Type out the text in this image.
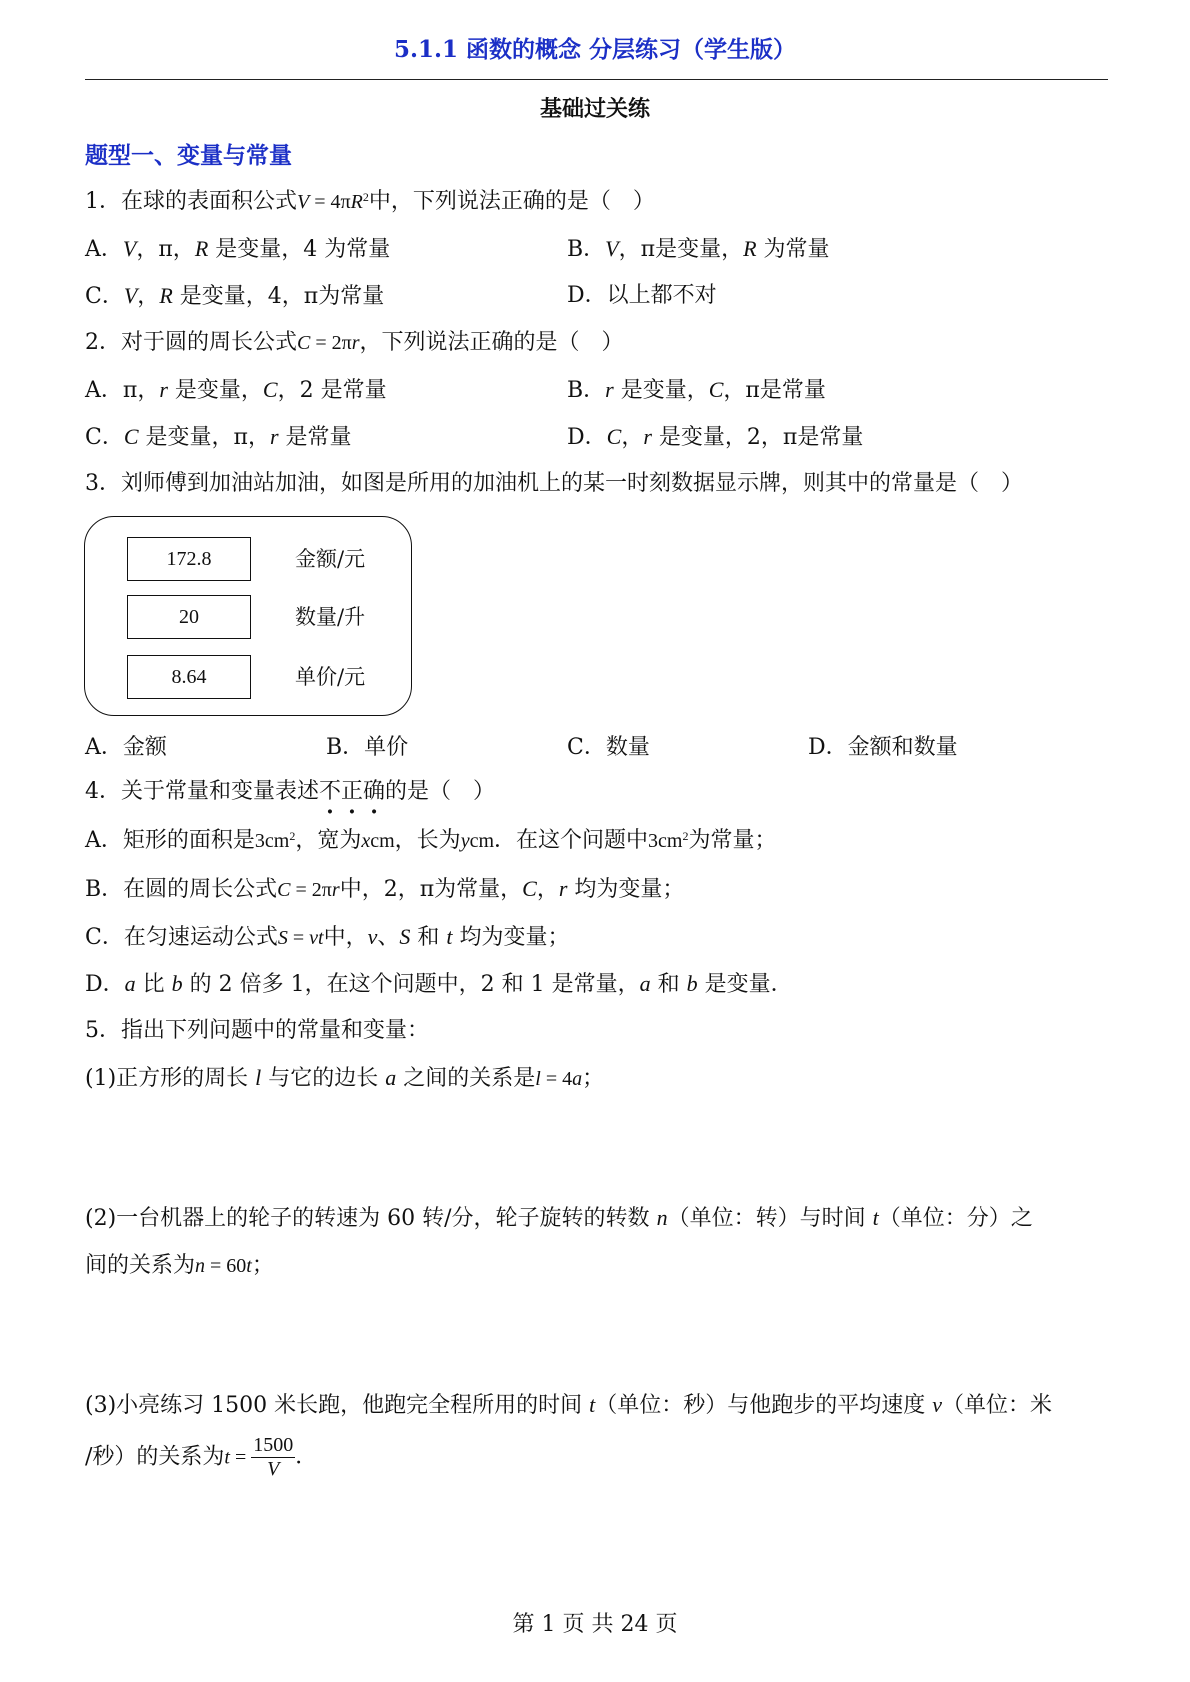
5.1.1 函数的概念 分层练习（学生版）
基础过关练
题型一、变量与常量
1．在球的表面积公式$V = 4\pi R^2$中，下列说法正确的是（　）
A．V，π，R 是变量，4 为常量	B．V，π是变量，R 为常量
C．V，R 是变量，4，π为常量	D．以上都不对
2．对于圆的周长公式C = 2πr，下列说法正确的是（　）
A．π，r 是变量，C，2 是常量	B．r 是变量，C，π是常量
C．C 是变量，π，r 是常量	D．C，r 是变量，2，π是常量
3．刘师傅到加油站加油，如图是所用的加油机上的某一时刻数据显示牌，则其中的常量是（　）
172.8	金额/元
20	数量/升
8.64	单价/元
A．金额	B．单价	C．数量	D．金额和数量
4．关于常量和变量表述不正确的是（　）
A．矩形的面积是$3cm^2$，宽为xcm，长为ycm．在这个问题中$3cm^2$为常量；
B．在圆的周长公式C = 2πr中，2，π为常量，C，r 均为变量；
C．在匀速运动公式S = vt中，v、S 和 t 均为变量；
D．a 比 b 的 2 倍多 1，在这个问题中，2 和 1 是常量，a 和 b 是变量．
5．指出下列问题中的常量和变量：
(1)正方形的周长 l 与它的边长 a 之间的关系是l = 4a；
(2)一台机器上的轮子的转速为 60 转/分，轮子旋转的转数 n（单位：转）与时间 t（单位：分）之
间的关系为n = 60t；
(3)小亮练习 1500 米长跑，他跑完全程所用的时间 t（单位：秒）与他跑步的平均速度 v（单位：米
/秒）的关系为$t = \frac{1500}{V}$ ．
第 1 页 共 24 页
